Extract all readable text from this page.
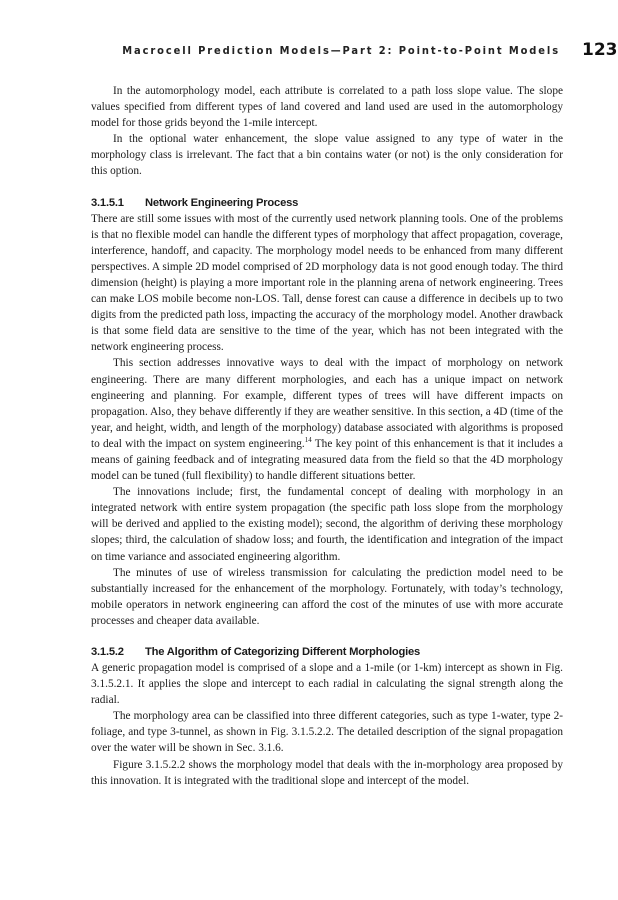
Macrocell Prediction Models—Part 2: Point-to-Point Models 123

In the automorphology model, each attribute is correlated to a path loss slope value. The slope values specified from different types of land covered and land used are used in the automorphology model for those grids beyond the 1-mile intercept.

In the optional water enhancement, the slope value assigned to any type of water in the morphology class is irrelevant. The fact that a bin contains water (or not) is the only consideration for this option.

3.1.5.1 Network Engineering Process

There are still some issues with most of the currently used network planning tools. One of the problems is that no flexible model can handle the different types of morphology that affect propagation, coverage, interference, handoff, and capacity. The morphology model needs to be enhanced from many different perspectives. A simple 2D model comprised of 2D morphology data is not good enough today. The third dimension (height) is playing a more important role in the planning arena of network engineering. Trees can make LOS mobile become non-LOS. Tall, dense forest can cause a difference in decibels up to two digits from the predicted path loss, impacting the accuracy of the morphology model. Another drawback is that some field data are sensitive to the time of the year, which has not been integrated with the network engineering process.

This section addresses innovative ways to deal with the impact of morphology on network engineering. There are many different morphologies, and each has a unique impact on network engineering and planning. For example, different types of trees will have different impacts on propagation. Also, they behave differently if they are weather sensitive. In this section, a 4D (time of the year, and height, width, and length of the morphology) database associated with algorithms is proposed to deal with the impact on system engineering.$^{14}$ The key point of this enhancement is that it includes a means of gaining feedback and of integrating measured data from the field so that the 4D morphology model can be tuned (full flexibility) to handle different situations better.

The innovations include; first, the fundamental concept of dealing with morphology in an integrated network with entire system propagation (the specific path loss slope from the morphology will be derived and applied to the existing model); second, the algorithm of deriving these morphology slopes; third, the calculation of shadow loss; and fourth, the identification and integration of the impact on time variance and associated engineering algorithm.

The minutes of use of wireless transmission for calculating the prediction model need to be substantially increased for the enhancement of the morphology. Fortunately, with today’s technology, mobile operators in network engineering can afford the cost of the minutes of use with more accurate processes and cheaper data available.

3.1.5.2 The Algorithm of Categorizing Different Morphologies

A generic propagation model is comprised of a slope and a 1-mile (or 1-km) intercept as shown in Fig. 3.1.5.2.1. It applies the slope and intercept to each radial in calculating the signal strength along the radial.

The morphology area can be classified into three different categories, such as type 1-water, type 2-foliage, and type 3-tunnel, as shown in Fig. 3.1.5.2.2. The detailed description of the signal propagation over the water will be shown in Sec. 3.1.6.

Figure 3.1.5.2.2 shows the morphology model that deals with the in-morphology area proposed by this innovation. It is integrated with the traditional slope and intercept of the model.
